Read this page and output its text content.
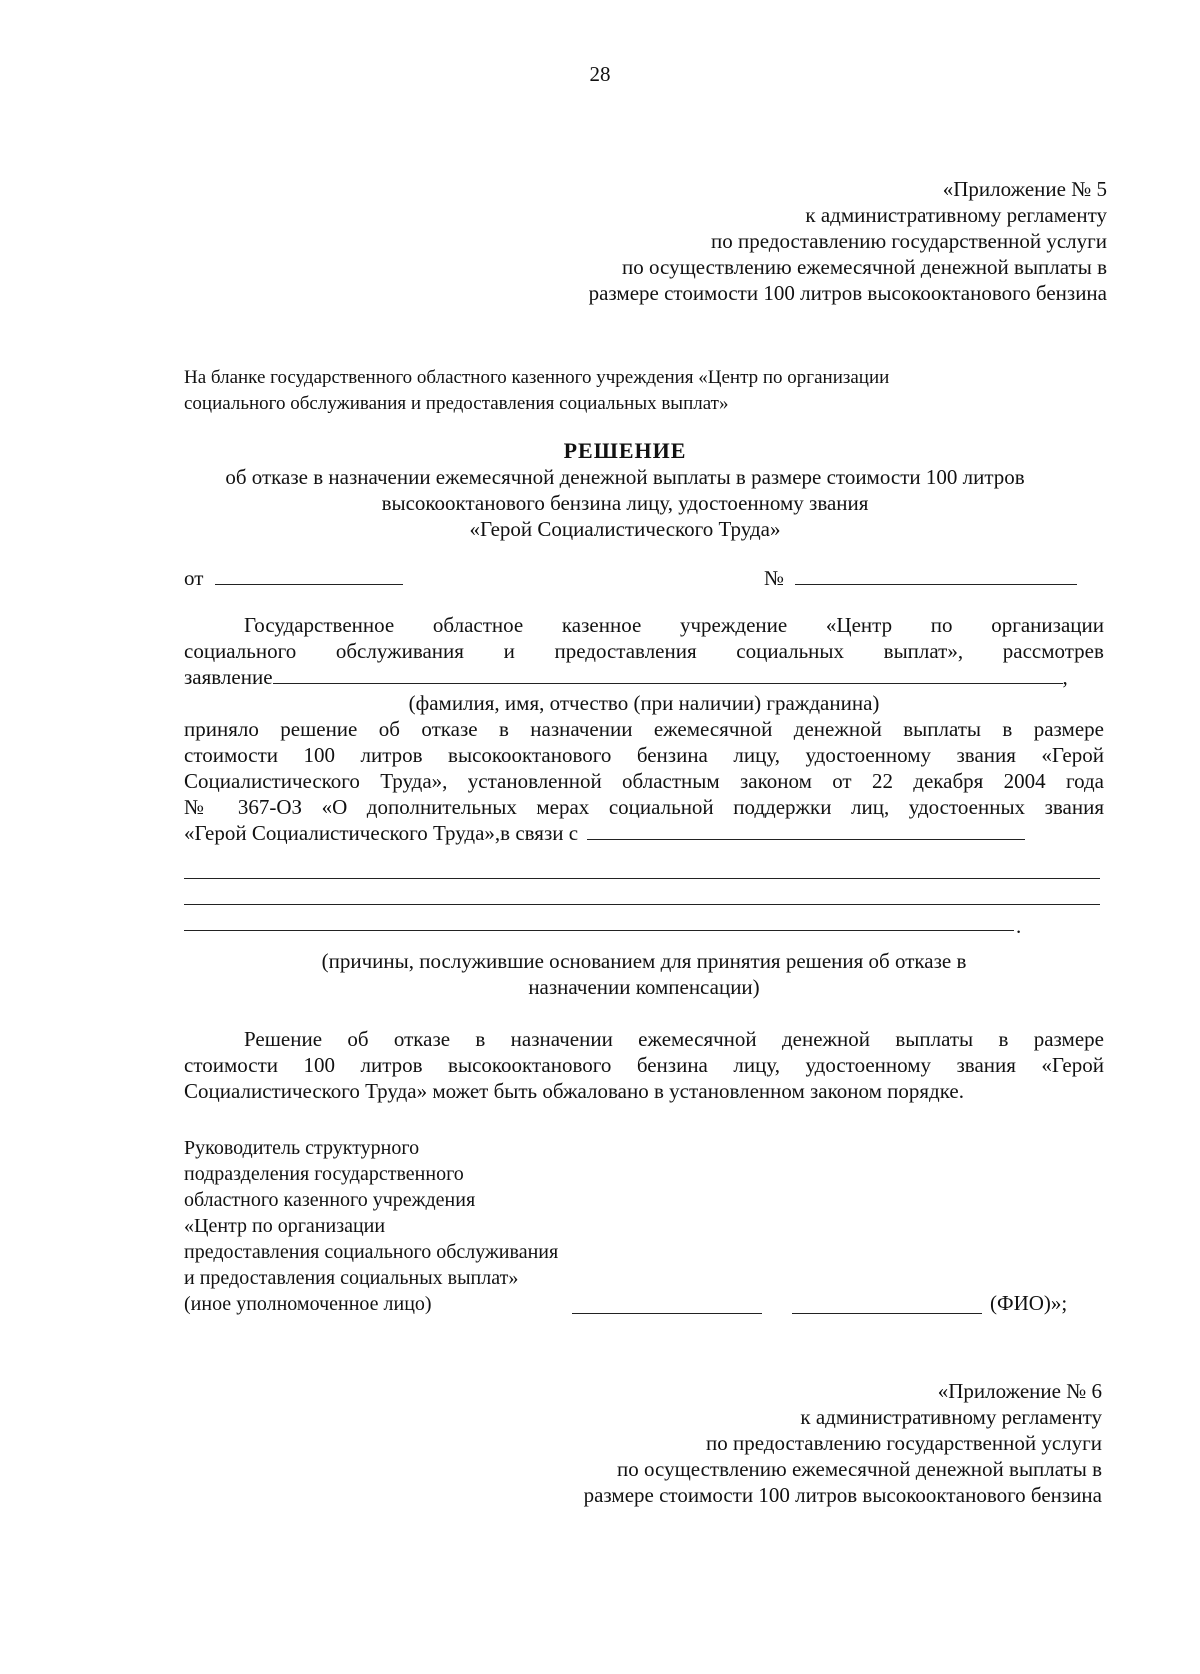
28
«Приложение № 5
к административному регламенту
по предоставлению государственной услуги
по осуществлению ежемесячной денежной выплаты в
размере стоимости 100 литров высокооктанового бензина
На бланке государственного областного казенного учреждения «Центр по организации
социального обслуживания и предоставления социальных выплат»
РЕШЕНИЕ
об отказе в назначении ежемесячной денежной выплаты в размере стоимости 100 литров
высокооктанового бензина лицу, удостоенному звания
«Герой Социалистического Труда»
от	№
Государственное областное казенное учреждение «Центр по организации
социального обслуживания и предоставления социальных выплат», рассмотрев
заявление	,
(фамилия, имя, отчество (при наличии) гражданина)
приняло решение об отказе в назначении ежемесячной денежной выплаты в размере
стоимости 100 литров высокооктанового бензина лицу, удостоенному звания «Герой
Социалистического Труда», установленной областным законом от 22 декабря 2004 года
№ 367-ОЗ «О дополнительных мерах социальной поддержки лиц, удостоенных звания
«Герой Социалистического Труда»,в связи с
.
(причины, послужившие основанием для принятия решения об отказе в
назначении компенсации)
Решение об отказе в назначении ежемесячной денежной выплаты в размере
стоимости 100 литров высокооктанового бензина лицу, удостоенному звания «Герой
Социалистического Труда» может быть обжаловано в установленном законом порядке.
Руководитель структурного
подразделения государственного
областного казенного учреждения
«Центр по организации
предоставления социального обслуживания
и предоставления социальных выплат»
(иное уполномоченное лицо)	(ФИО)»;
«Приложение № 6
к административному регламенту
по предоставлению государственной услуги
по осуществлению ежемесячной денежной выплаты в
размере стоимости 100 литров высокооктанового бензина
